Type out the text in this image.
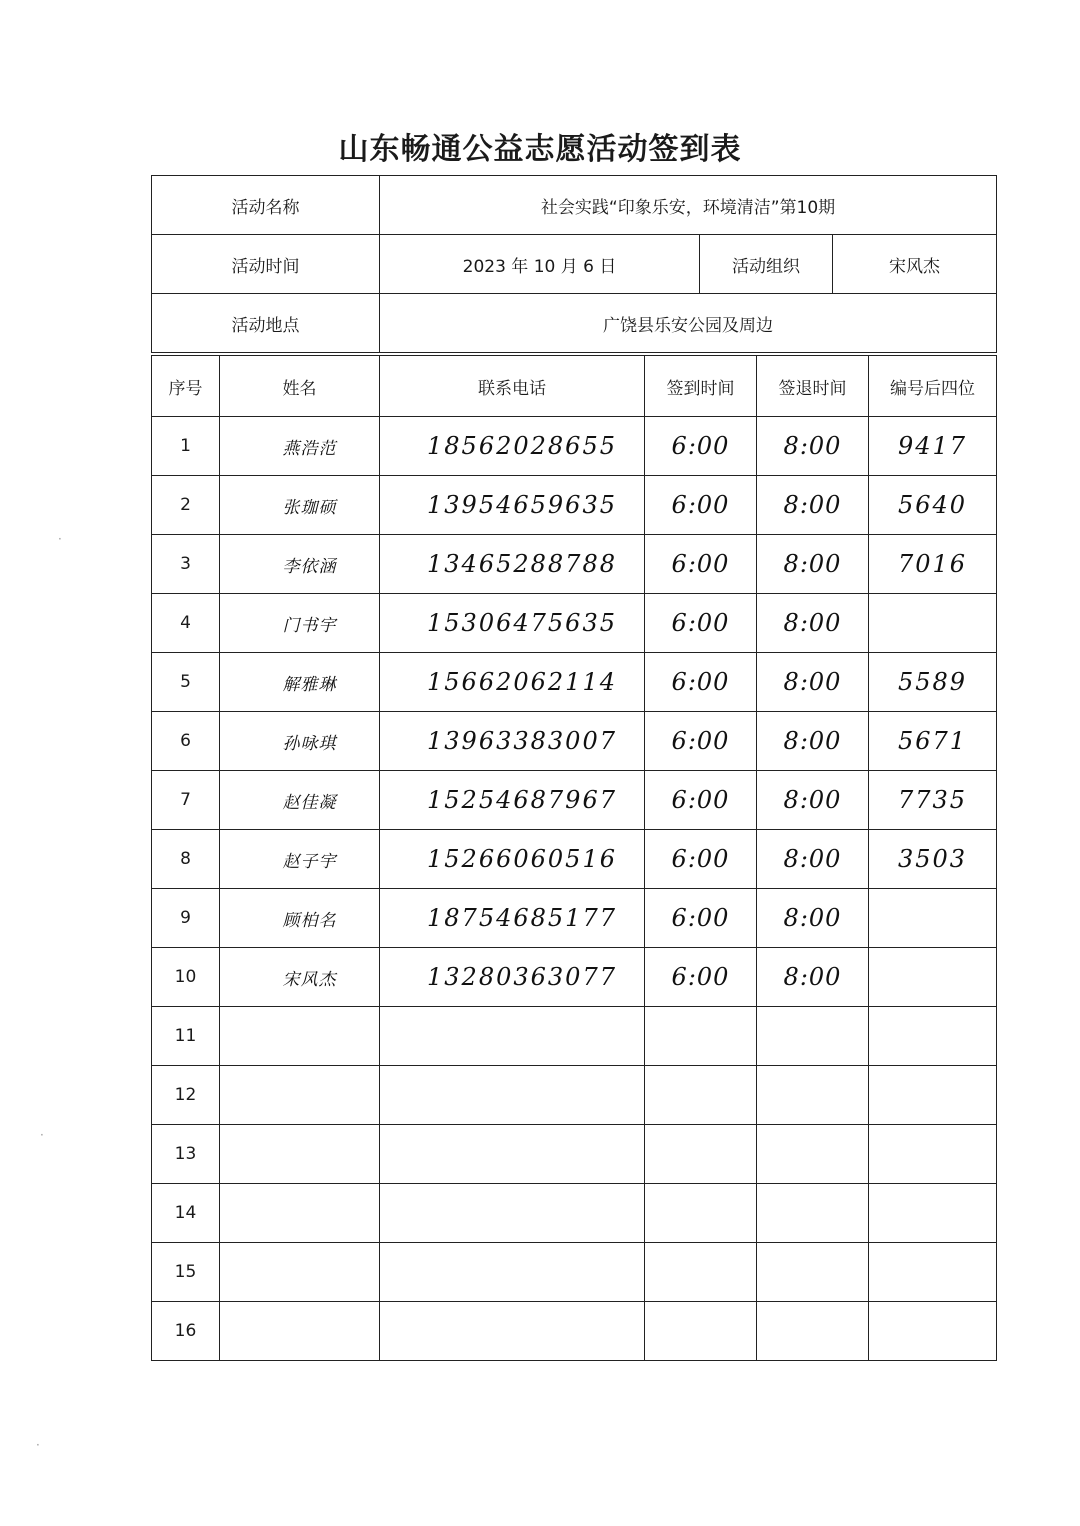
山东畅通公益志愿活动签到表
活动名称	社会实践“印象乐安，环境清洁”第10期		
活动时间	2023 年 10 月 6 日	活动组织	宋风杰
活动地点	广饶县乐安公园及周边		
序号	姓名	联系电话	签到时间	签退时间	编号后四位
1	燕浩范	18562028655	6:00	8:00	9417
2	张珈硕	13954659635	6:00	8:00	5640
3	李依涵	13465288788	6:00	8:00	7016
4	门书宇	15306475635	6:00	8:00	
5	解雅琳	15662062114	6:00	8:00	5589
6	孙咏琪	13963383007	6:00	8:00	5671
7	赵佳凝	15254687967	6:00	8:00	7735
8	赵子宇	15266060516	6:00	8:00	3503
9	顾柏名	18754685177	6:00	8:00	
10	宋风杰	13280363077	6:00	8:00	
11					
12					
13					
14					
15					
16					
·
·
·
